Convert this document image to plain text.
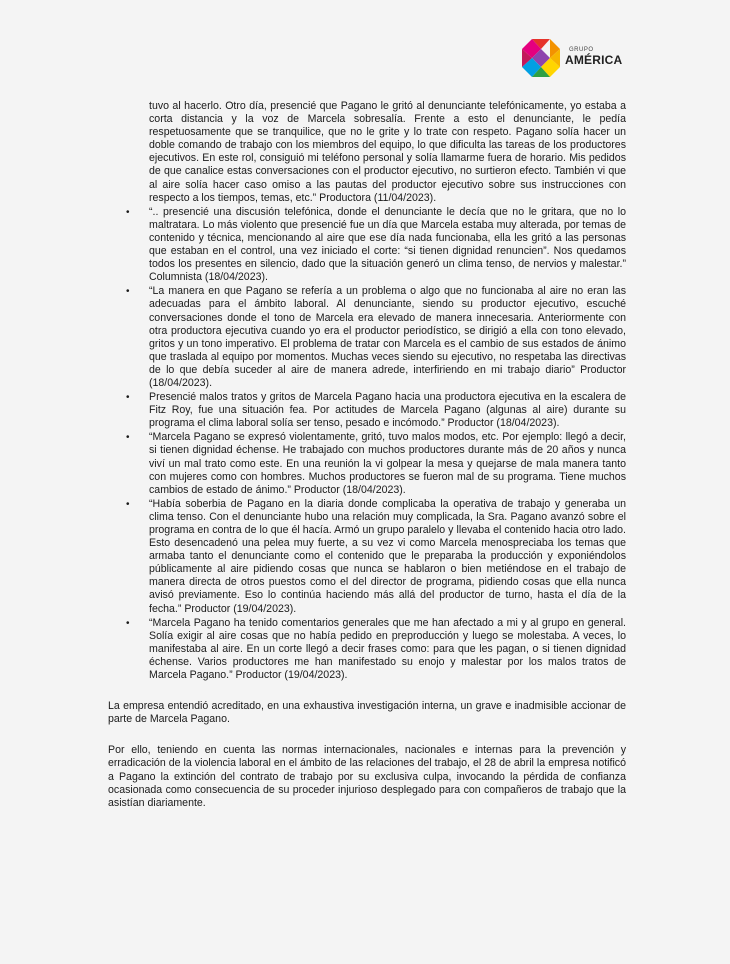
GRUPO
AMÉRICA

tuvo al hacerlo. Otro día, presencié que Pagano le gritó al denunciante telefónicamente, yo estaba a corta distancia y la voz de Marcela sobresalía. Frente a esto el denunciante, le pedía respetuosamente que se tranquilice, que no le grite y lo trate con respeto. Pagano solía hacer un doble comando de trabajo con los miembros del equipo, lo que dificulta las tareas de los productores ejecutivos. En este rol, consiguió mi teléfono personal y solía llamarme fuera de horario. Mis pedidos de que canalice estas conversaciones con el productor ejecutivo, no surtieron efecto. También vi que al aire solía hacer caso omiso a las pautas del productor ejecutivo sobre sus instrucciones con respecto a los tiempos, temas, etc.” Productora (11/04/2023).

• “.. presencié una discusión telefónica, donde el denunciante le decía que no le gritara, que no lo maltratara. Lo más violento que presencié fue un día que Marcela estaba muy alterada, por temas de contenido y técnica, mencionando al aire que ese día nada funcionaba, ella les gritó a las personas que estaban en el control, una vez iniciado el corte: “si tienen dignidad renuncien”. Nos quedamos todos los presentes en silencio, dado que la situación generó un clima tenso, de nervios y malestar.” Columnista (18/04/2023).
• “La manera en que Pagano se refería a un problema o algo que no funcionaba al aire no eran las adecuadas para el ámbito laboral. Al denunciante, siendo su productor ejecutivo, escuché conversaciones donde el tono de Marcela era elevado de manera innecesaria. Anteriormente con otra productora ejecutiva cuando yo era el productor periodístico, se dirigió a ella con tono elevado, gritos y un tono imperativo. El problema de tratar con Marcela es el cambio de sus estados de ánimo que traslada al equipo por momentos. Muchas veces siendo su ejecutivo, no respetaba las directivas de lo que debía suceder al aire de manera adrede, interfiriendo en mi trabajo diario” Productor (18/04/2023).
• Presencié malos tratos y gritos de Marcela Pagano hacia una productora ejecutiva en la escalera de Fitz Roy, fue una situación fea. Por actitudes de Marcela Pagano (algunas al aire) durante su programa el clima laboral solía ser tenso, pesado e incómodo.” Productor (18/04/2023).
• “Marcela Pagano se expresó violentamente, gritó, tuvo malos modos, etc. Por ejemplo: llegó a decir, si tienen dignidad échense. He trabajado con muchos productores durante más de 20 años y nunca viví un mal trato como este. En una reunión la vi golpear la mesa y quejarse de mala manera tanto con mujeres como con hombres. Muchos productores se fueron mal de su programa. Tiene muchos cambios de estado de ánimo.” Productor (18/04/2023).
• “Había soberbia de Pagano en la diaria donde complicaba la operativa de trabajo y generaba un clima tenso. Con el denunciante hubo una relación muy complicada, la Sra. Pagano avanzó sobre el programa en contra de lo que él hacía. Armó un grupo paralelo y llevaba el contenido hacia otro lado. Esto desencadenó una pelea muy fuerte, a su vez vi como Marcela menospreciaba los temas que armaba tanto el denunciante como el contenido que le preparaba la producción y exponiéndolos públicamente al aire pidiendo cosas que nunca se hablaron o bien metiéndose en el trabajo de manera directa de otros puestos como el del director de programa, pidiendo cosas que ella nunca avisó previamente. Eso lo continúa haciendo más allá del productor de turno, hasta el día de la fecha.” Productor (19/04/2023).
• “Marcela Pagano ha tenido comentarios generales que me han afectado a mi y al grupo en general. Solía exigir al aire cosas que no había pedido en preproducción y luego se molestaba. A veces, lo manifestaba al aire. En un corte llegó a decir frases como: para que les pagan, o si tienen dignidad échense. Varios productores me han manifestado su enojo y malestar por los malos tratos de Marcela Pagano.” Productor (19/04/2023).

La empresa entendió acreditado, en una exhaustiva investigación interna, un grave e inadmisible accionar de parte de Marcela Pagano.

Por ello, teniendo en cuenta las normas internacionales, nacionales e internas para la prevención y erradicación de la violencia laboral en el ámbito de las relaciones del trabajo, el 28 de abril la empresa notificó a Pagano la extinción del contrato de trabajo por su exclusiva culpa, invocando la pérdida de confianza ocasionada como consecuencia de su proceder injurioso desplegado para con compañeros de trabajo que la asistían diariamente.
